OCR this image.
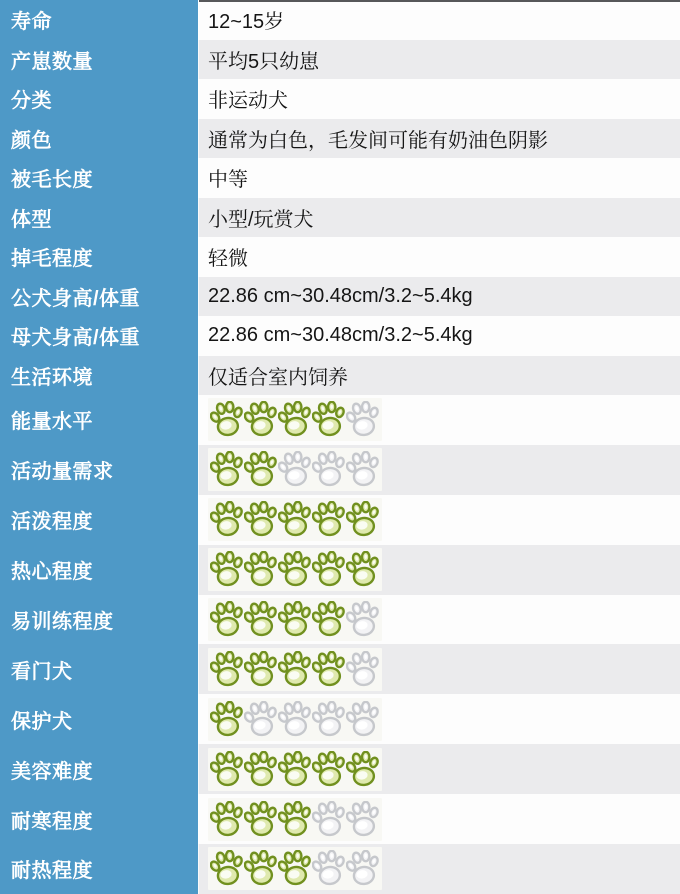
寿命	12~15岁
产崽数量	平均5只幼崽
分类	非运动犬
颜色	通常为白色，毛发间可能有奶油色阴影
被毛长度	中等
体型	小型/玩赏犬
掉毛程度	轻微
公犬身高/体重	22.86 cm~30.48cm/3.2~5.4kg
母犬身高/体重	22.86 cm~30.48cm/3.2~5.4kg
生活环境	仅适合室内饲养
能量水平
活动量需求
活泼程度
热心程度
易训练程度
看门犬
保护犬
美容难度
耐寒程度
耐热程度
